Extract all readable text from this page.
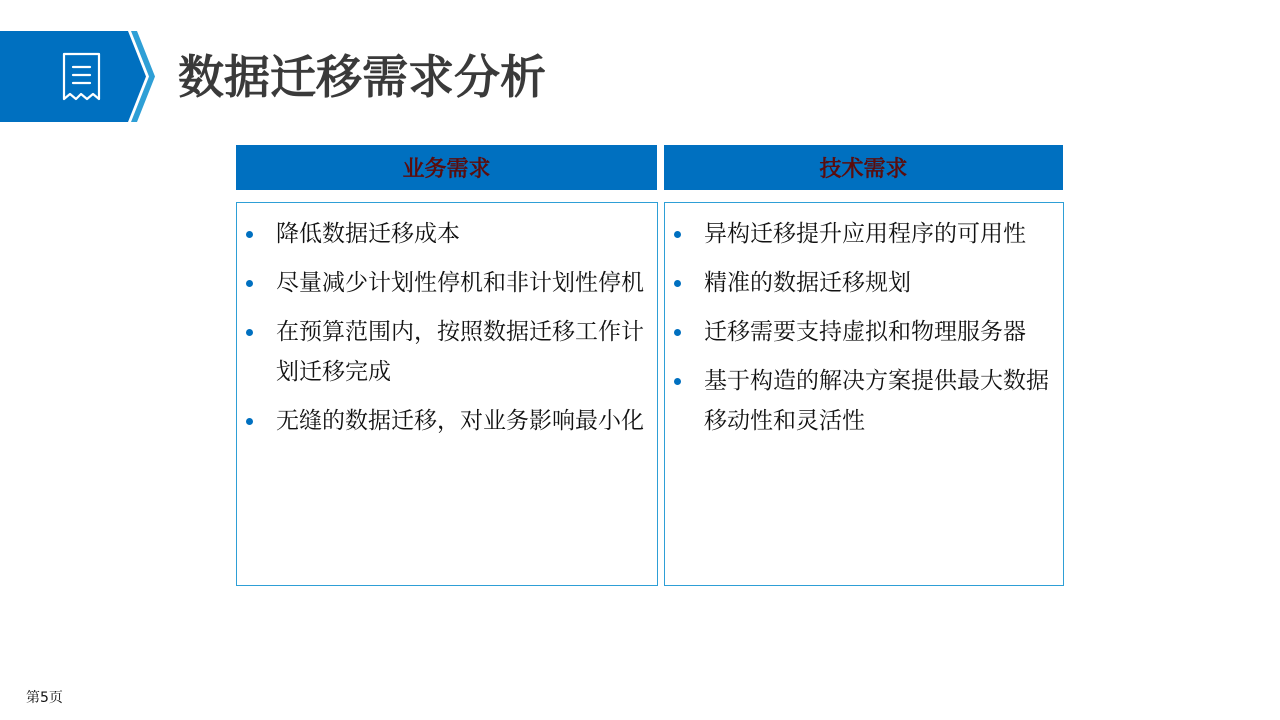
数据迁移需求分析
业务需求
降低数据迁移成本
尽量减少计划性停机和非计划性停机
在预算范围内，按照数据迁移工作计划迁移完成
无缝的数据迁移，对业务影响最小化
技术需求
异构迁移提升应用程序的可用性
精准的数据迁移规划
迁移需要支持虚拟和物理服务器
基于构造的解决方案提供最大数据移动性和灵活性
第5页
